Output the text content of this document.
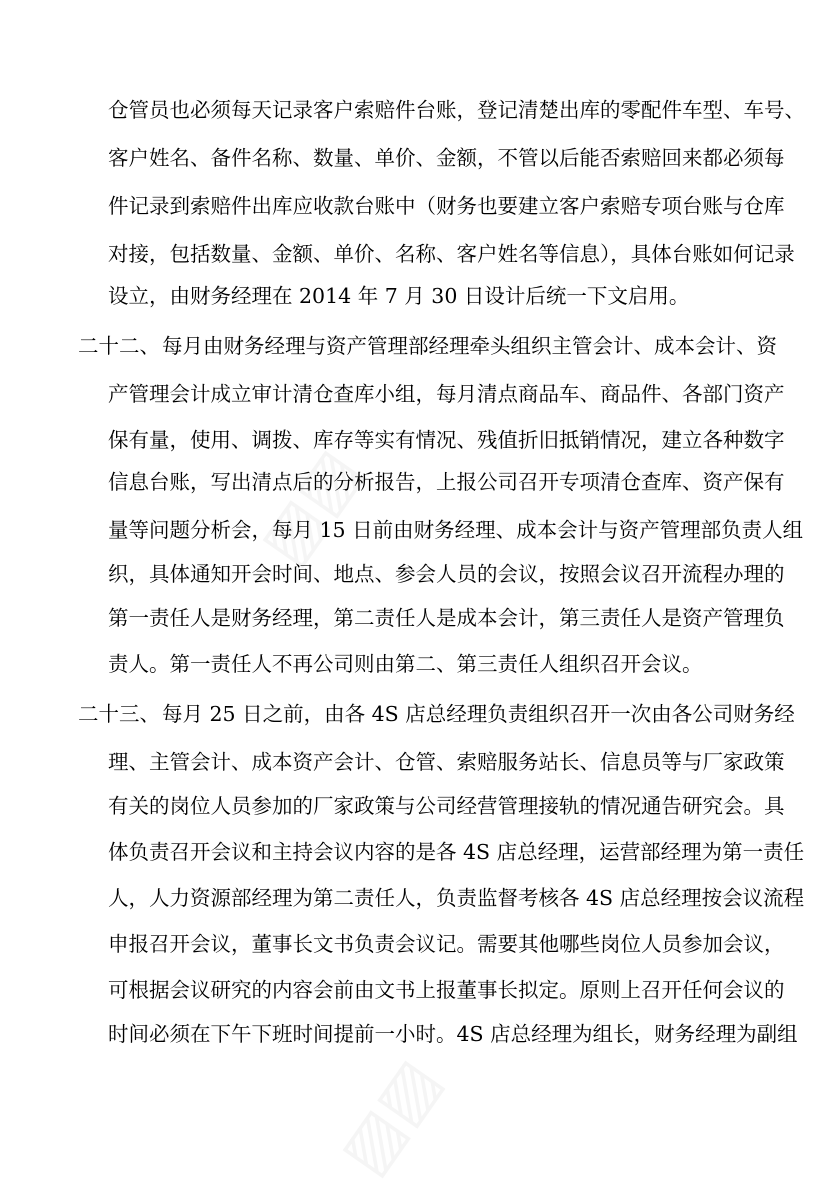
▨▨
▨▨
仓管员也必须每天记录客户索赔件台账，登记清楚出库的零配件车型、车号、
客户姓名、备件名称、数量、单价、金额，不管以后能否索赔回来都必须每
件记录到索赔件出库应收款台账中（财务也要建立客户索赔专项台账与仓库
对接，包括数量、金额、单价、名称、客户姓名等信息），具体台账如何记录
设立，由财务经理在 2014 年 7 月 30 日设计后统一下文启用。
二十二、 每月由财务经理与资产管理部经理牵头组织主管会计、成本会计、资
产管理会计成立审计清仓查库小组，每月清点商品车、商品件、各部门资产
保有量，使用、调拨、库存等实有情况、残值折旧抵销情况，建立各种数字
信息台账，写出清点后的分析报告，上报公司召开专项清仓查库、资产保有
量等问题分析会，每月 15 日前由财务经理、成本会计与资产管理部负责人组
织，具体通知开会时间、地点、参会人员的会议，按照会议召开流程办理的
第一责任人是财务经理，第二责任人是成本会计，第三责任人是资产管理负
责人。第一责任人不再公司则由第二、第三责任人组织召开会议。
二十三、 每月 25 日之前，由各 4S 店总经理负责组织召开一次由各公司财务经
理、主管会计、成本资产会计、仓管、索赔服务站长、信息员等与厂家政策
有关的岗位人员参加的厂家政策与公司经营管理接轨的情况通告研究会。具
体负责召开会议和主持会议内容的是各 4S 店总经理，运营部经理为第一责任
人，人力资源部经理为第二责任人，负责监督考核各 4S 店总经理按会议流程
申报召开会议，董事长文书负责会议记。需要其他哪些岗位人员参加会议，
可根据会议研究的内容会前由文书上报董事长拟定。原则上召开任何会议的
时间必须在下午下班时间提前一小时。4S 店总经理为组长，财务经理为副组
